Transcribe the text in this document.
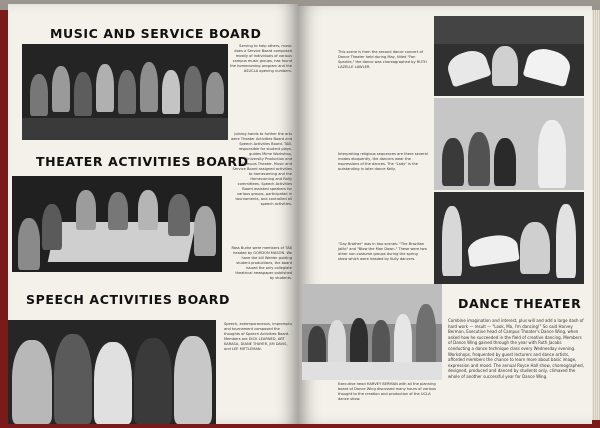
MUSIC AND SERVICE BOARD
Serving to help others, music does a Service Board composed mostly of individuals of various campus music groups, has found the homecoming program and the ASUCLA opening numbers.
THEATER ACTIVITIES BOARD
Joining hands to further the arts were Theater Activities Board and Speech Activities Board. TAB, responsible for student plays, guides Mime Workshop, University Production and Campus Theater. Music and Service Board assigned activities to homecoming and the Homecoming and Rally committees. Speech Activities Board assisted speakers for various groups, participated in tournaments, and controlled all speech activities.
Ross Burke were members of TAB headed by GORDON MASON. We have the bill Weider guiding student productions, the board issued the only collegiate theatrical newspaper published by students.
SPEECH ACTIVITIES BOARD
Speech, extemporaneous, impromptu and tournament composed the thoughts of Speech Activities Board. Members are DICK LEARNED, ART KARASA, DIANE THAYER, JIM DAVIS, and LEE MITTLEMAN.
This scene is from the second dance concert of Dance Theater held during May, titled "Fan Sparkle," the dance was choreographed by RUTH LAZELLE LAWLER.
Interpreting religious sequences are there several modes eloquently, the dancers wear the expressions of the dances. The "Lady" is the outstanding in later dance Kelly.
"Gay Brother" was in two scenes: "The Brazilian Jaillo" and "Blow the Man Down." These were two other non-costume groups during the spring show which were headed by Kully dancers.
Executive head HARVEY BERMAN with all the planning board of Dance Wing discussed many hours of various thought to the creation and production of the UCLA dance show.
DANCE THEATER
Combine imagination and interest, plus will and add a large dash of hard work — result — "Look, Ma, I'm dancing!" So said Harvey Berman, Executive head of Campus Theater's Dance Wing, when asked how he succeeded in the field of creative dancing. Members of Dance Wing gained through the year with Ruth Jacobs conducting a dance technique class every Wednesday evening. Workshops, frequented by guest lecturers and dance artists, afforded members the chance to learn more about basic image, expression and mood. The annual Royce Hall show, choreographed, designed, produced and danced by students only, climaxed the whole of another successful year for Dance Wing.
